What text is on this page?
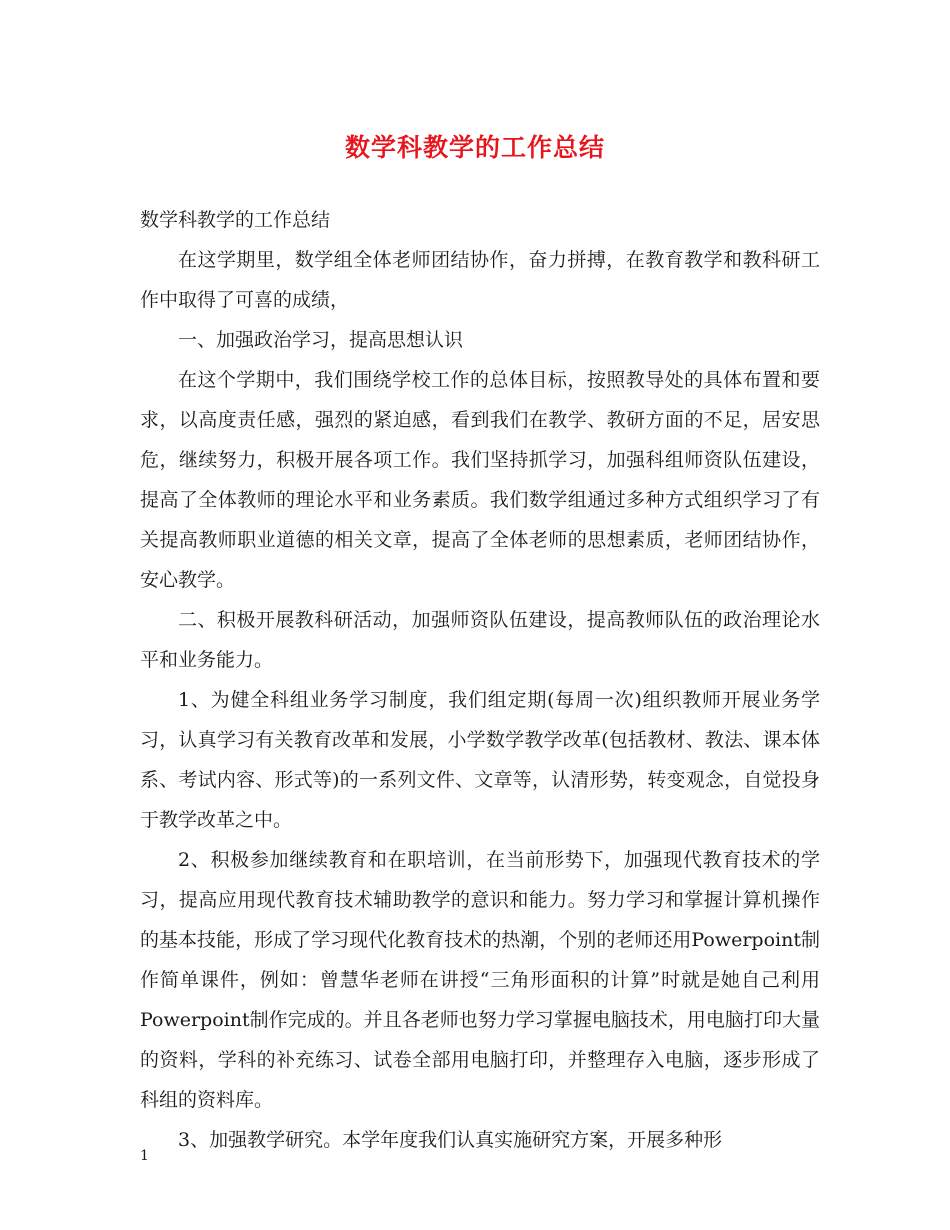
数学科教学的工作总结

数学科教学的工作总结

在这学期里，数学组全体老师团结协作，奋力拼搏，在教育教学和教科研工作中取得了可喜的成绩，

一、加强政治学习，提高思想认识

在这个学期中，我们围绕学校工作的总体目标，按照教导处的具体布置和要求，以高度责任感，强烈的紧迫感，看到我们在教学、教研方面的不足，居安思危，继续努力，积极开展各项工作。我们坚持抓学习，加强科组师资队伍建设，提高了全体教师的理论水平和业务素质。我们数学组通过多种方式组织学习了有关提高教师职业道德的相关文章，提高了全体老师的思想素质，老师团结协作，安心教学。

二、积极开展教科研活动，加强师资队伍建设，提高教师队伍的政治理论水平和业务能力。

1、为健全科组业务学习制度，我们组定期(每周一次)组织教师开展业务学习，认真学习有关教育改革和发展，小学数学教学改革(包括教材、教法、课本体系、考试内容、形式等)的一系列文件、文章等，认清形势，转变观念，自觉投身于教学改革之中。

2、积极参加继续教育和在职培训，在当前形势下，加强现代教育技术的学习，提高应用现代教育技术辅助教学的意识和能力。努力学习和掌握计算机操作的基本技能，形成了学习现代化教育技术的热潮，个别的老师还用Powerpoint制作简单课件，例如：曾慧华老师在讲授“三角形面积的计算”时就是她自己利用Powerpoint制作完成的。并且各老师也努力学习掌握电脑技术，用电脑打印大量的资料，学科的补充练习、试卷全部用电脑打印，并整理存入电脑，逐步形成了科组的资料库。

3、加强教学研究。本学年度我们认真实施研究方案，开展多种形

1
